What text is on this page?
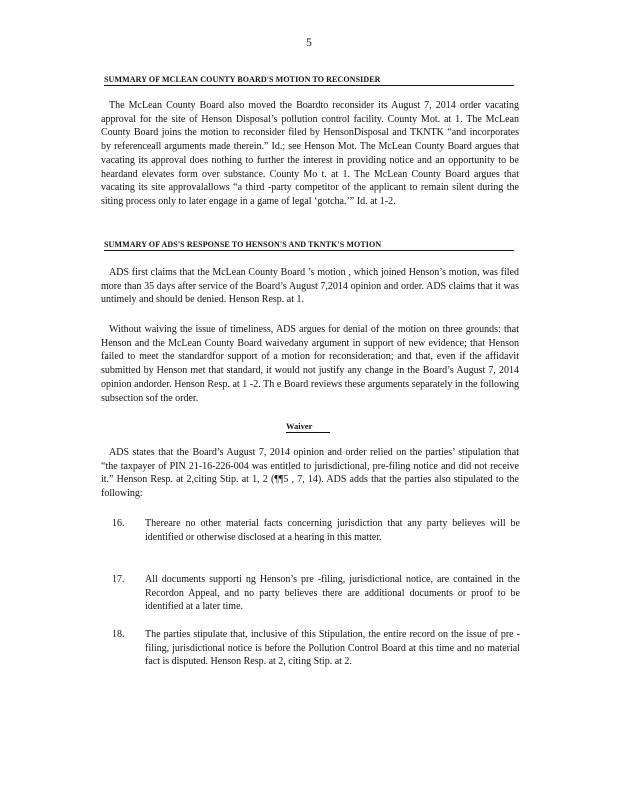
5
SUMMARY OF MCLEAN COUNTY BOARD'S MOTION TO RECONSIDER

The McLean County Board also moved the Boardto reconsider its August 7, 2014 order vacating approval for the site of Henson Disposal’s pollution control facility. County Mot. at 1. The McLean County Board joins the motion to reconsider filed by HensonDisposal and TKNTK “and incorporates by referenceall arguments made therein.” Id.; see Henson Mot. The McLean County Board argues that vacating its approval does nothing to further the interest in providing notice and an opportunity to be heardand elevates form over substance. County Mo t. at 1. The McLean County Board argues that vacating its site approvalallows “a third -party competitor of the applicant to remain silent during the siting process only to later engage in a game of legal ‘gotcha.’” Id. at 1-2.

SUMMARY OF ADS'S RESPONSE TO HENSON'S AND TKNTK'S MOTION

ADS first claims that the McLean County Board ’s motion , which joined Henson’s motion, was filed more than 35 days after service of the Board’s August 7,2014 opinion and order. ADS claims that it was untimely and should be denied. Henson Resp. at 1.

Without waiving the issue of timeliness, ADS argues for denial of the motion on three grounds: that Henson and the McLean County Board waivedany argument in support of new evidence; that Henson failed to meet the standardfor support of a motion for reconsideration; and that, even if the affidavit submitted by Henson met that standard, it would not justify any change in the Board’s August 7, 2014 opinion andorder. Henson Resp. at 1 -2. Th e Board reviews these arguments separately in the following subsection sof the order.

Waiver

ADS states that the Board’s August 7, 2014 opinion and order relied on the parties’ stipulation that “the taxpayer of PIN 21-16-226-004 was entitled to jurisdictional, pre-filing notice and did not receive it.” Henson Resp. at 2,citing Stip. at 1, 2 (¶¶5 , 7, 14). ADS adds that the parties also stipulated to the following:

16.	Thereare no other material facts concerning jurisdiction that any party believes will be identified or otherwise disclosed at a hearing in this matter.
17.	All documents supporti ng Henson’s pre -filing, jurisdictional notice, are contained in the Recordon Appeal, and no party believes there are additional documents or proof to be identified at a later time.
18.	The parties stipulate that, inclusive of this Stipulation, the entire record on the issue of pre -filing, jurisdictional notice is before the Pollution Control Board at this time and no material fact is disputed. Henson Resp. at 2, citing Stip. at 2.
